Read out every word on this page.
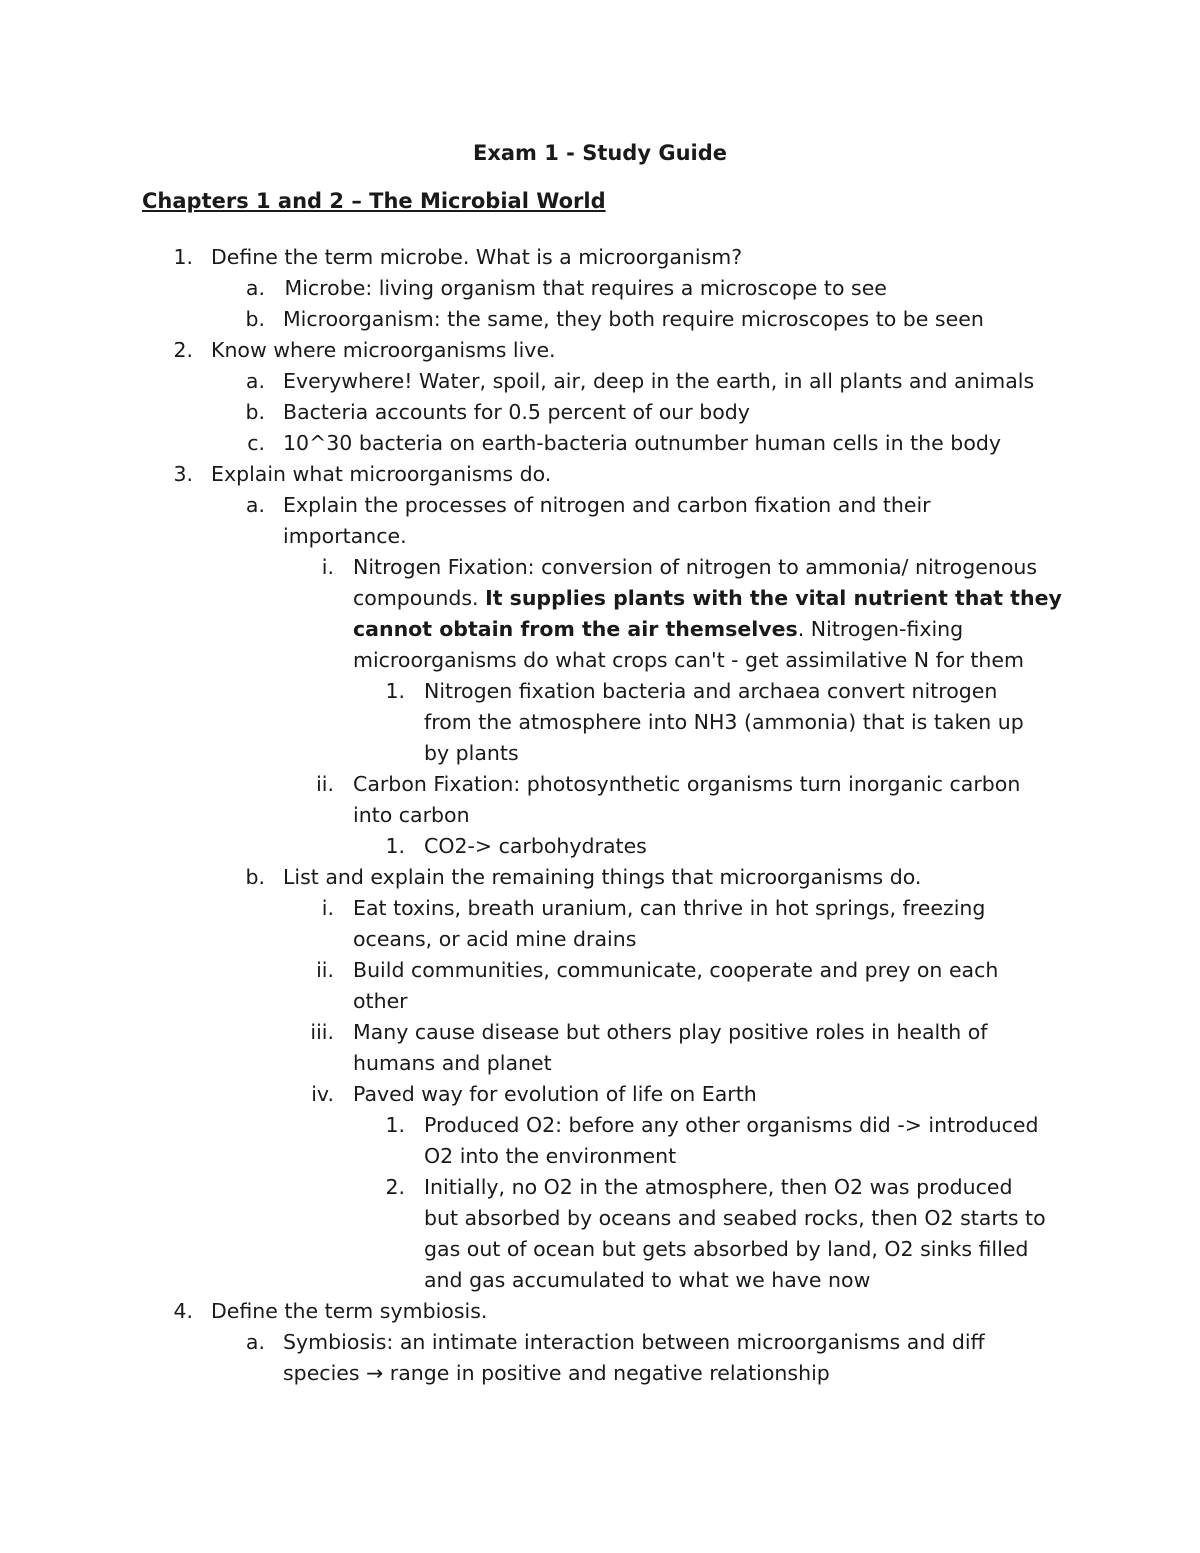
Exam 1 - Study Guide
Chapters 1 and 2 – The Microbial World
1. Define the term microbe. What is a microorganism?
a. Microbe: living organism that requires a microscope to see
b. Microorganism: the same, they both require microscopes to be seen
2. Know where microorganisms live.
a. Everywhere! Water, spoil, air, deep in the earth, in all plants and animals
b. Bacteria accounts for 0.5 percent of our body
c. 10^30 bacteria on earth-bacteria outnumber human cells in the body
3. Explain what microorganisms do.
a. Explain the processes of nitrogen and carbon fixation and their
importance.
i. Nitrogen Fixation: conversion of nitrogen to ammonia/ nitrogenous
compounds. It supplies plants with the vital nutrient that they
cannot obtain from the air themselves. Nitrogen-fixing
microorganisms do what crops can't - get assimilative N for them
1. Nitrogen fixation bacteria and archaea convert nitrogen
from the atmosphere into NH3 (ammonia) that is taken up
by plants
ii. Carbon Fixation: photosynthetic organisms turn inorganic carbon
into carbon
1. CO2-> carbohydrates
b. List and explain the remaining things that microorganisms do.
i. Eat toxins, breath uranium, can thrive in hot springs, freezing
oceans, or acid mine drains
ii. Build communities, communicate, cooperate and prey on each
other
iii. Many cause disease but others play positive roles in health of
humans and planet
iv. Paved way for evolution of life on Earth
1. Produced O2: before any other organisms did -> introduced
O2 into the environment
2. Initially, no O2 in the atmosphere, then O2 was produced
but absorbed by oceans and seabed rocks, then O2 starts to
gas out of ocean but gets absorbed by land, O2 sinks filled
and gas accumulated to what we have now
4. Define the term symbiosis.
a. Symbiosis: an intimate interaction between microorganisms and diff
species → range in positive and negative relationship
